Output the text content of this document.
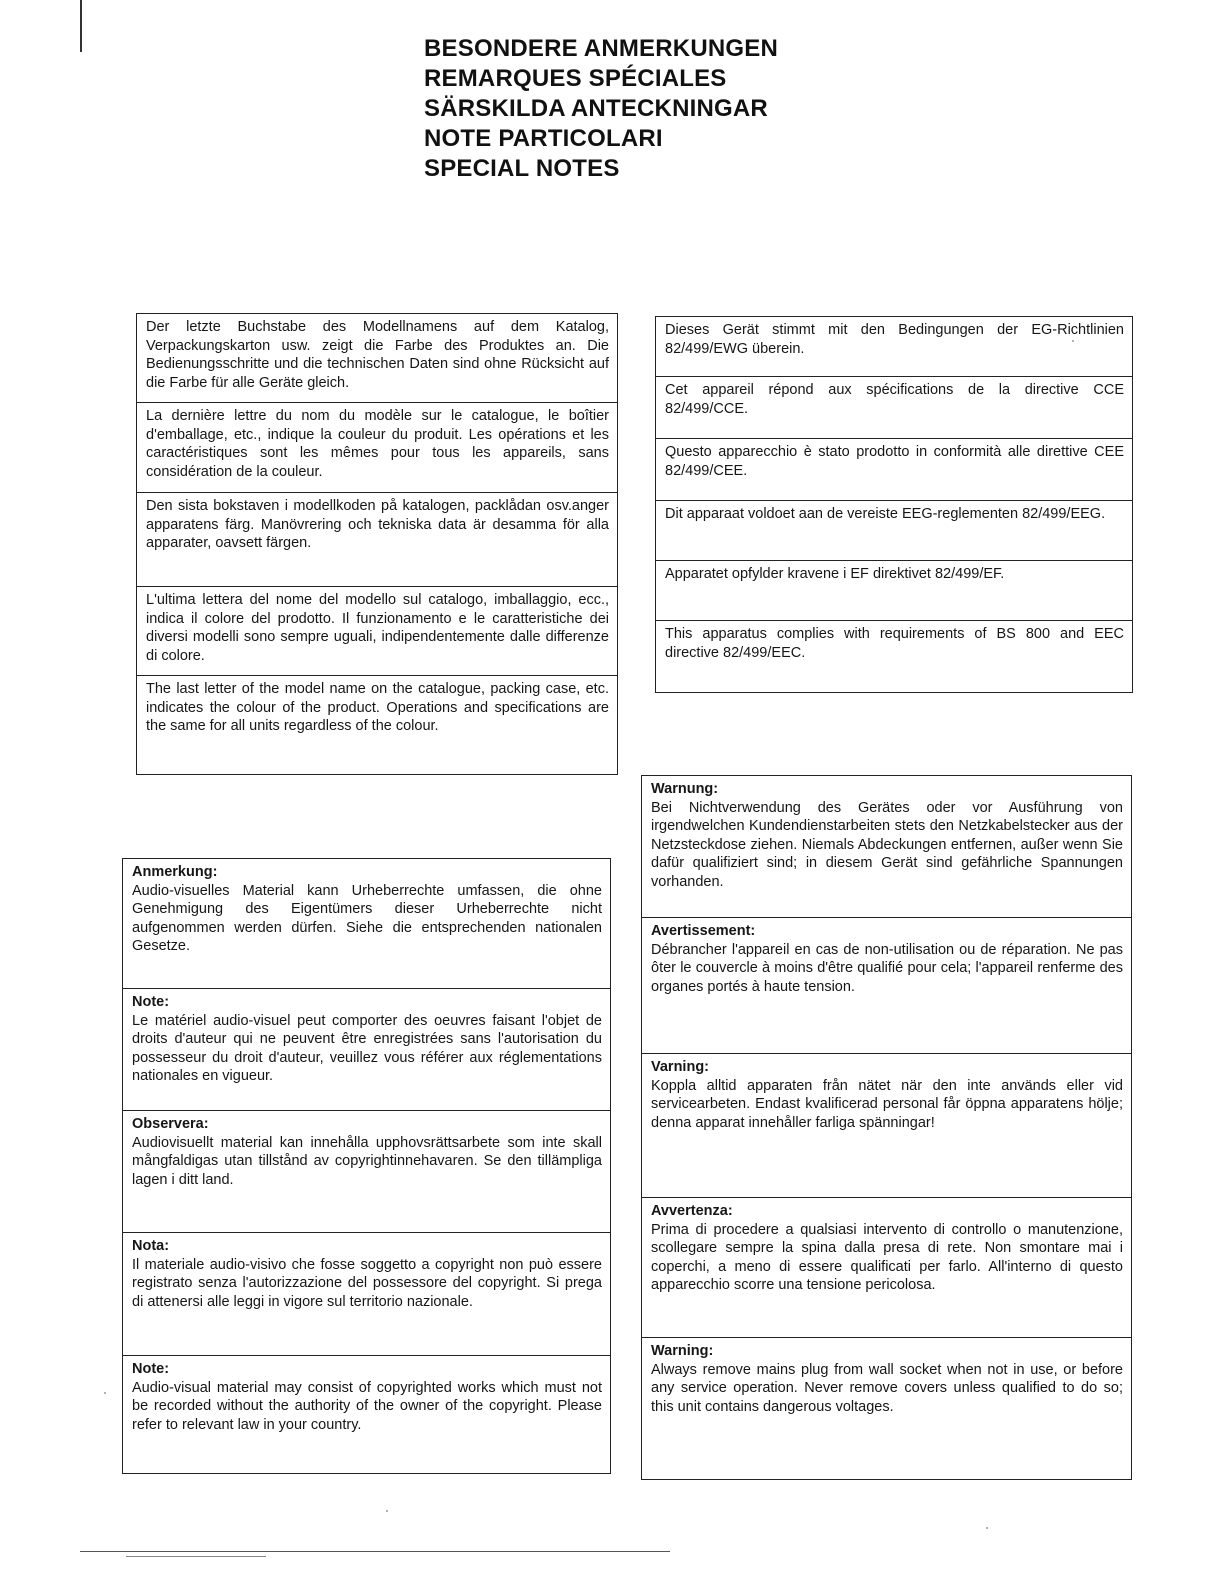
BESONDERE ANMERKUNGEN
REMARQUES SPÉCIALES
SÄRSKILDA ANTECKNINGAR
NOTE PARTICOLARI
SPECIAL NOTES
Der letzte Buchstabe des Modellnamens auf dem Katalog, Verpackungskarton usw. zeigt die Farbe des Produktes an. Die Bedienungsschritte und die technischen Daten sind ohne Rücksicht auf die Farbe für alle Geräte gleich.
La dernière lettre du nom du modèle sur le catalogue, le boîtier d'emballage, etc., indique la couleur du produit. Les opérations et les caractéristiques sont les mêmes pour tous les appareils, sans considération de la couleur.
Den sista bokstaven i modellkoden på katalogen, packlådan osv.anger apparatens färg. Manövrering och tekniska data är desamma för alla apparater, oavsett färgen.
L'ultima lettera del nome del modello sul catalogo, imballaggio, ecc., indica il colore del prodotto. Il funzionamento e le caratteristiche dei diversi modelli sono sempre uguali, indipendentemente dalle differenze di colore.
The last letter of the model name on the catalogue, packing case, etc. indicates the colour of the product. Operations and specifications are the same for all units regardless of the colour.
Dieses Gerät stimmt mit den Bedingungen der EG-Richtlinien 82/499/EWG überein.
Cet appareil répond aux spécifications de la directive CCE 82/499/CCE.
Questo apparecchio è stato prodotto in conformità alle direttive CEE 82/499/CEE.
Dit apparaat voldoet aan de vereiste EEG-reglementen 82/499/EEG.
Apparatet opfylder kravene i EF direktivet 82/499/EF.
This apparatus complies with requirements of BS 800 and EEC directive 82/499/EEC.
Anmerkung:
Audio-visuelles Material kann Urheberrechte umfassen, die ohne Genehmigung des Eigentümers dieser Urheberrechte nicht aufgenommen werden dürfen. Siehe die entsprechenden nationalen Gesetze.
Note:
Le matériel audio-visuel peut comporter des oeuvres faisant l'objet de droits d'auteur qui ne peuvent être enregistrées sans l'autorisation du possesseur du droit d'auteur, veuillez vous référer aux réglementations nationales en vigueur.
Observera:
Audiovisuellt material kan innehålla upphovsrättsarbete som inte skall mångfaldigas utan tillstånd av copyrightinnehavaren. Se den tillämpliga lagen i ditt land.
Nota:
Il materiale audio-visivo che fosse soggetto a copyright non può essere registrato senza l'autorizzazione del possessore del copyright. Si prega di attenersi alle leggi in vigore sul territorio nazionale.
Note:
Audio-visual material may consist of copyrighted works which must not be recorded without the authority of the owner of the copyright. Please refer to relevant law in your country.
Warnung:
Bei Nichtverwendung des Gerätes oder vor Ausführung von irgendwelchen Kundendienstarbeiten stets den Netzkabelstecker aus der Netzsteckdose ziehen. Niemals Abdeckungen entfernen, außer wenn Sie dafür qualifiziert sind; in diesem Gerät sind gefährliche Spannungen vorhanden.
Avertissement:
Débrancher l'appareil en cas de non-utilisation ou de réparation. Ne pas ôter le couvercle à moins d'être qualifié pour cela; l'appareil renferme des organes portés à haute tension.
Varning:
Koppla alltid apparaten från nätet när den inte används eller vid servicearbeten. Endast kvalificerad personal får öppna apparatens hölje; denna apparat innehåller farliga spänningar!
Avvertenza:
Prima di procedere a qualsiasi intervento di controllo o manutenzione, scollegare sempre la spina dalla presa di rete. Non smontare mai i coperchi, a meno di essere qualificati per farlo. All'interno di questo apparecchio scorre una tensione pericolosa.
Warning:
Always remove mains plug from wall socket when not in use, or before any service operation. Never remove covers unless qualified to do so; this unit contains dangerous voltages.
